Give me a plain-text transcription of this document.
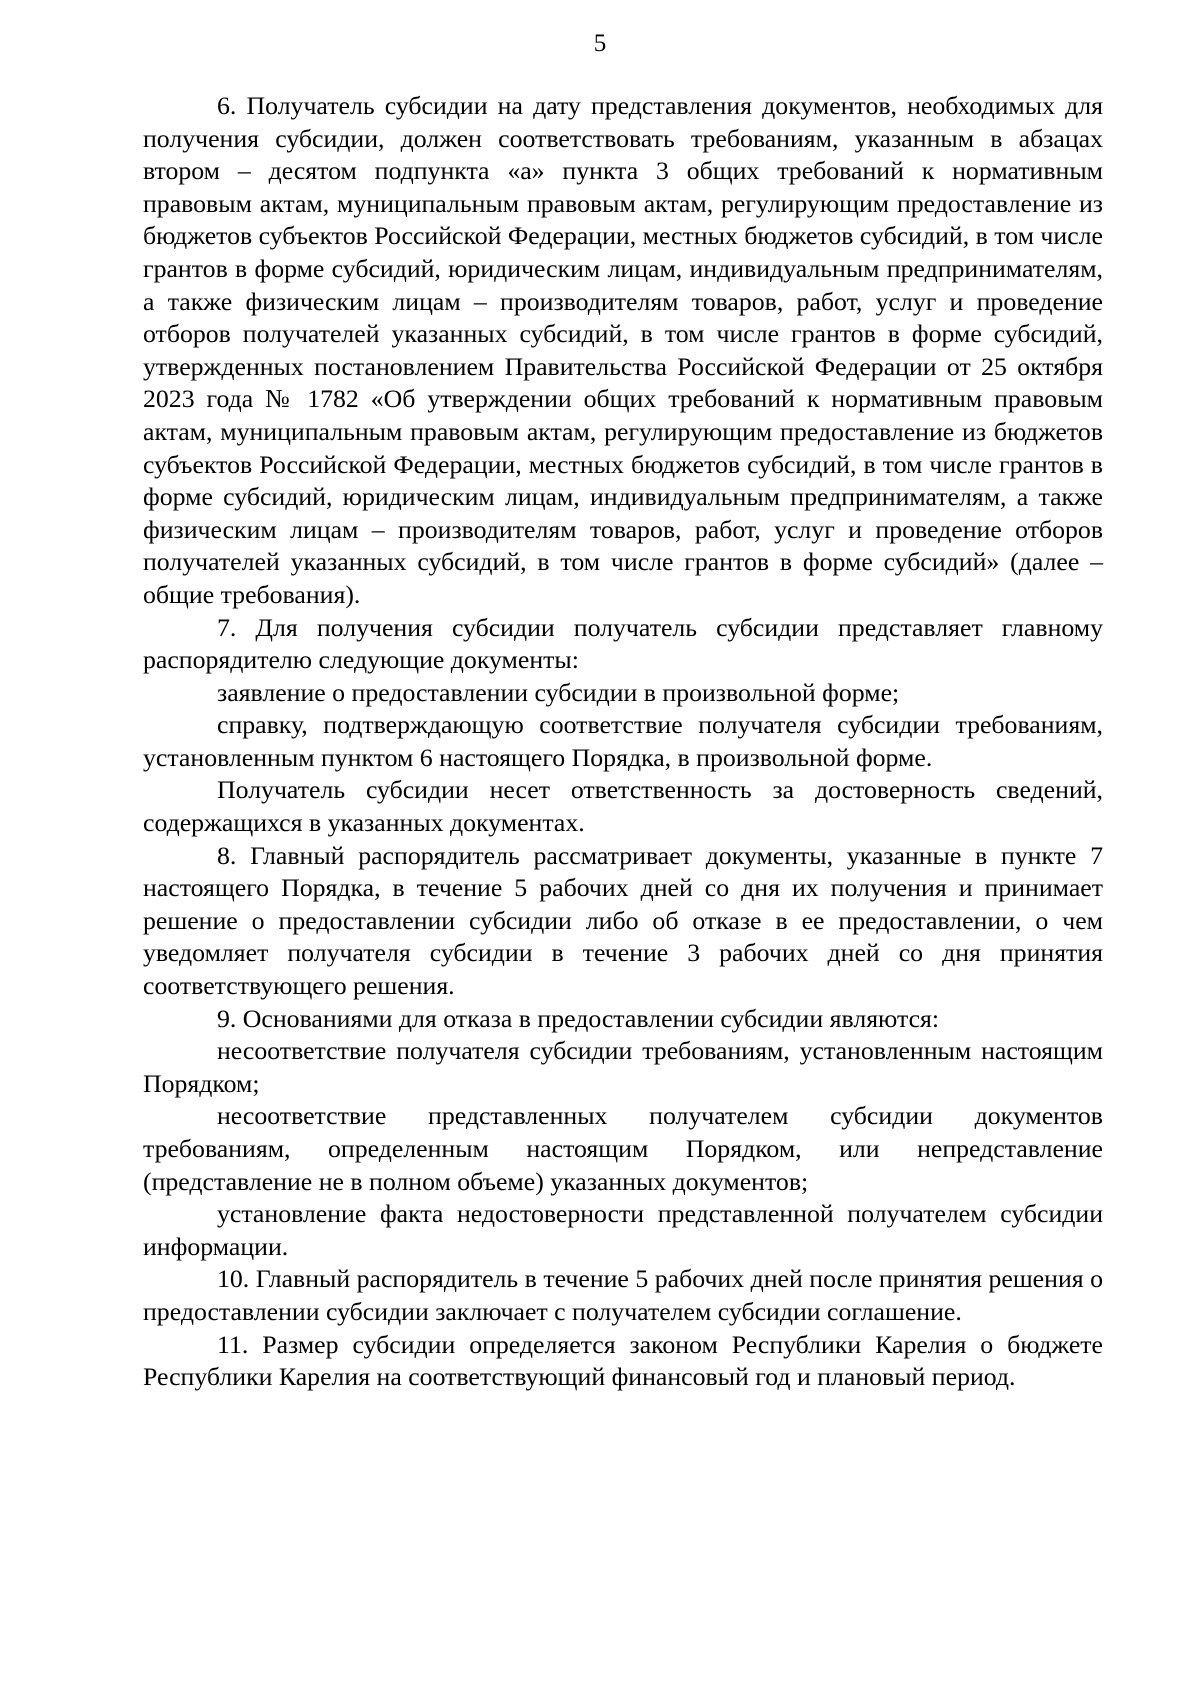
5

6. Получатель субсидии на дату представления документов, необходимых для получения субсидии, должен соответствовать требованиям, указанным в абзацах втором – десятом подпункта «а» пункта 3 общих требований к нормативным правовым актам, муниципальным правовым актам, регулирующим предоставление из бюджетов субъектов Российской Федерации, местных бюджетов субсидий, в том числе грантов в форме субсидий, юридическим лицам, индивидуальным предпринимателям, а также физическим лицам – производителям товаров, работ, услуг и проведение отборов получателей указанных субсидий, в том числе грантов в форме субсидий, утвержденных постановлением Правительства Российской Федерации от 25 октября 2023 года № 1782 «Об утверждении общих требований к нормативным правовым актам, муниципальным правовым актам, регулирующим предоставление из бюджетов субъектов Российской Федерации, местных бюджетов субсидий, в том числе грантов в форме субсидий, юридическим лицам, индивидуальным предпринимателям, а также физическим лицам – производителям товаров, работ, услуг и проведение отборов получателей указанных субсидий, в том числе грантов в форме субсидий» (далее – общие требования).

7. Для получения субсидии получатель субсидии представляет главному распорядителю следующие документы:

заявление о предоставлении субсидии в произвольной форме;

справку, подтверждающую соответствие получателя субсидии требованиям, установленным пунктом 6 настоящего Порядка, в произвольной форме.

Получатель субсидии несет ответственность за достоверность сведений, содержащихся в указанных документах.

8. Главный распорядитель рассматривает документы, указанные в пункте 7 настоящего Порядка, в течение 5 рабочих дней со дня их получения и принимает решение о предоставлении субсидии либо об отказе в ее предоставлении, о чем уведомляет получателя субсидии в течение 3 рабочих дней со дня принятия соответствующего решения.

9. Основаниями для отказа в предоставлении субсидии являются:

несоответствие получателя субсидии требованиям, установленным настоящим Порядком;

несоответствие представленных получателем субсидии документов требованиям, определенным настоящим Порядком, или непредставление (представление не в полном объеме) указанных документов;

установление факта недостоверности представленной получателем субсидии информации.

10. Главный распорядитель в течение 5 рабочих дней после принятия решения о предоставлении субсидии заключает с получателем субсидии соглашение.

11. Размер субсидии определяется законом Республики Карелия о бюджете Республики Карелия на соответствующий финансовый год и плановый период.
